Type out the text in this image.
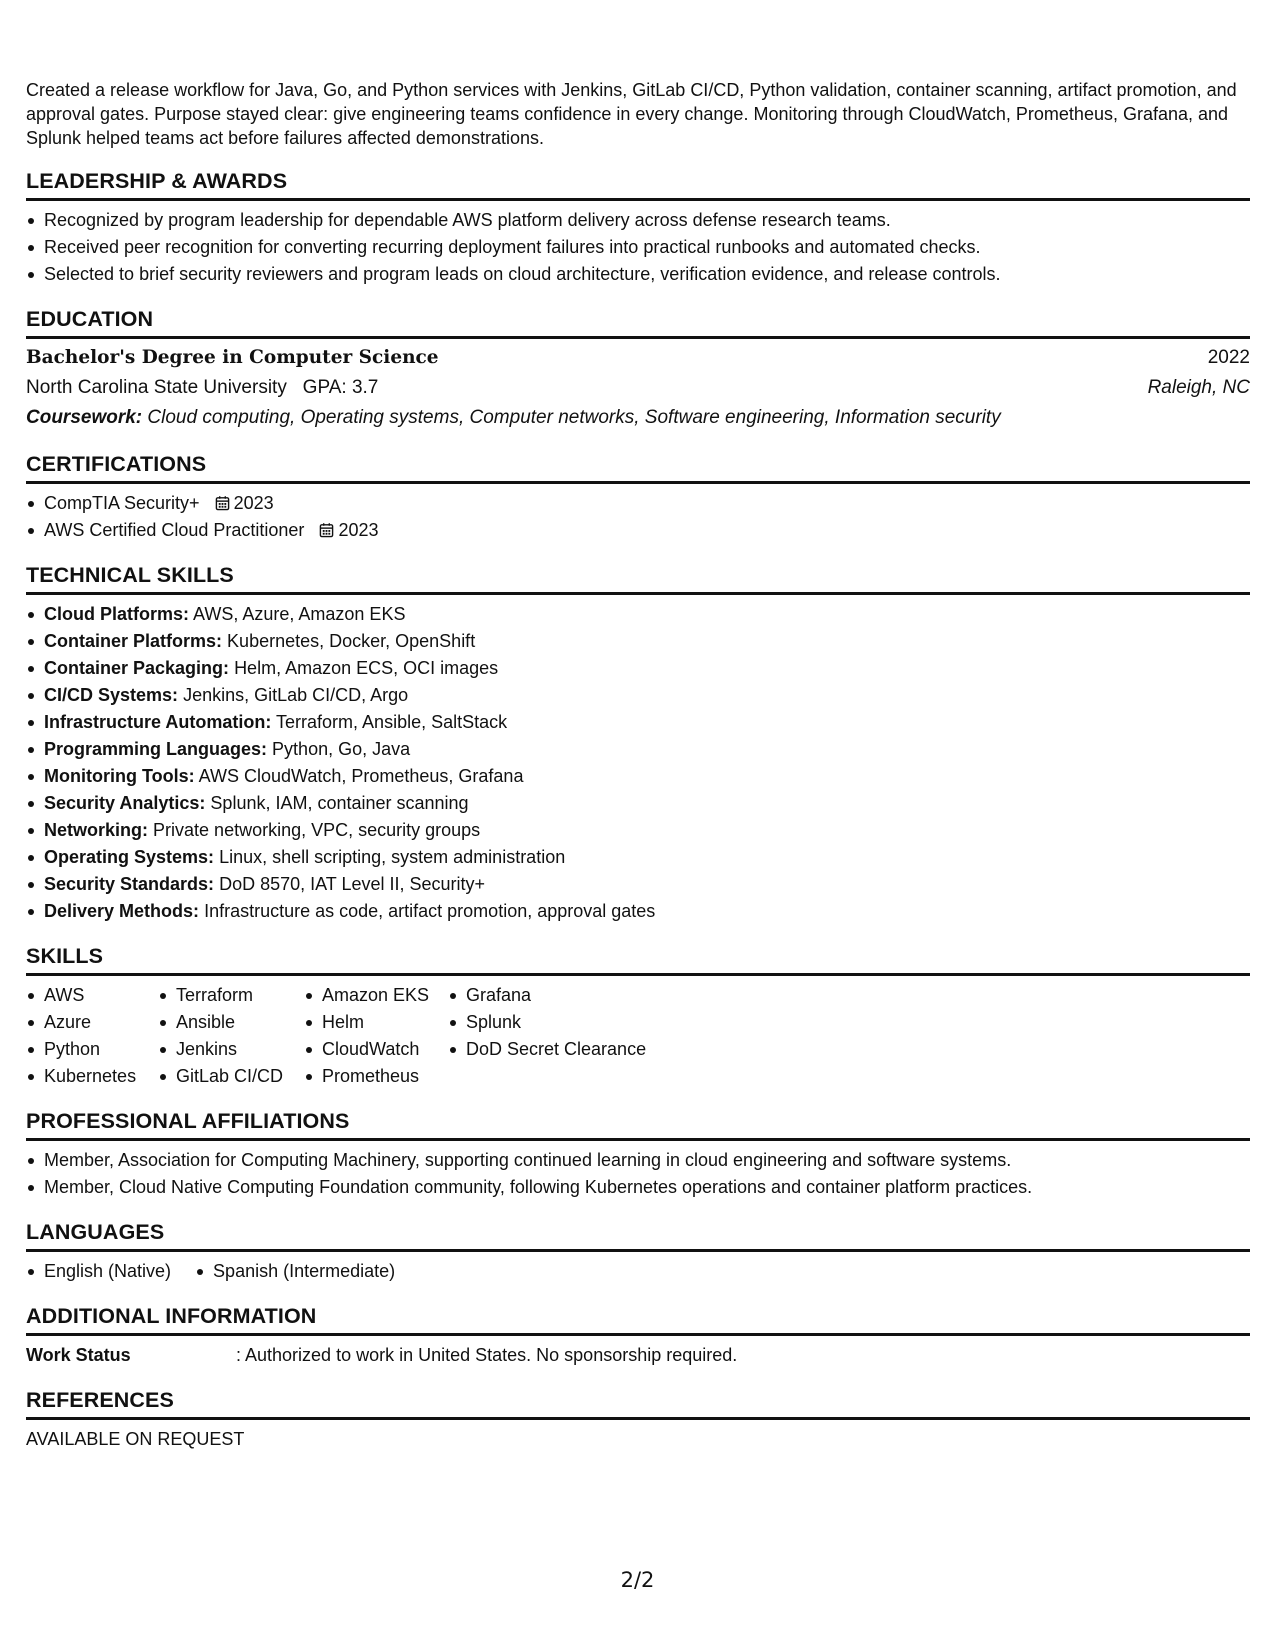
Created a release workflow for Java, Go, and Python services with Jenkins, GitLab CI/CD, Python validation, container scanning, artifact promotion, and approval gates. Purpose stayed clear: give engineering teams confidence in every change. Monitoring through CloudWatch, Prometheus, Grafana, and Splunk helped teams act before failures affected demonstrations.

LEADERSHIP & AWARDS
Recognized by program leadership for dependable AWS platform delivery across defense research teams.
Received peer recognition for converting recurring deployment failures into practical runbooks and automated checks.
Selected to brief security reviewers and program leads on cloud architecture, verification evidence, and release controls.
EDUCATION
Bachelor's Degree in Computer Science	2022
North Carolina State University GPA: 3.7	Raleigh, NC
Coursework: Cloud computing, Operating systems, Computer networks, Software engineering, Information security
CERTIFICATIONS
CompTIA Security+ 2023
AWS Certified Cloud Practitioner 2023
TECHNICAL SKILLS
Cloud Platforms: AWS, Azure, Amazon EKS
Container Platforms: Kubernetes, Docker, OpenShift
Container Packaging: Helm, Amazon ECS, OCI images
CI/CD Systems: Jenkins, GitLab CI/CD, Argo
Infrastructure Automation: Terraform, Ansible, SaltStack
Programming Languages: Python, Go, Java
Monitoring Tools: AWS CloudWatch, Prometheus, Grafana
Security Analytics: Splunk, IAM, container scanning
Networking: Private networking, VPC, security groups
Operating Systems: Linux, shell scripting, system administration
Security Standards: DoD 8570, IAT Level II, Security+
Delivery Methods: Infrastructure as code, artifact promotion, approval gates
SKILLS
AWS
Azure
Python
Kubernetes
Terraform
Ansible
Jenkins
GitLab CI/CD
Amazon EKS
Helm
CloudWatch
Prometheus
Grafana
Splunk
DoD Secret Clearance
PROFESSIONAL AFFILIATIONS
Member, Association for Computing Machinery, supporting continued learning in cloud engineering and software systems.
Member, Cloud Native Computing Foundation community, following Kubernetes operations and container platform practices.
LANGUAGES
English (Native) Spanish (Intermediate)
ADDITIONAL INFORMATION
Work Status	: Authorized to work in United States. No sponsorship required.
REFERENCES
AVAILABLE ON REQUEST
2/2
